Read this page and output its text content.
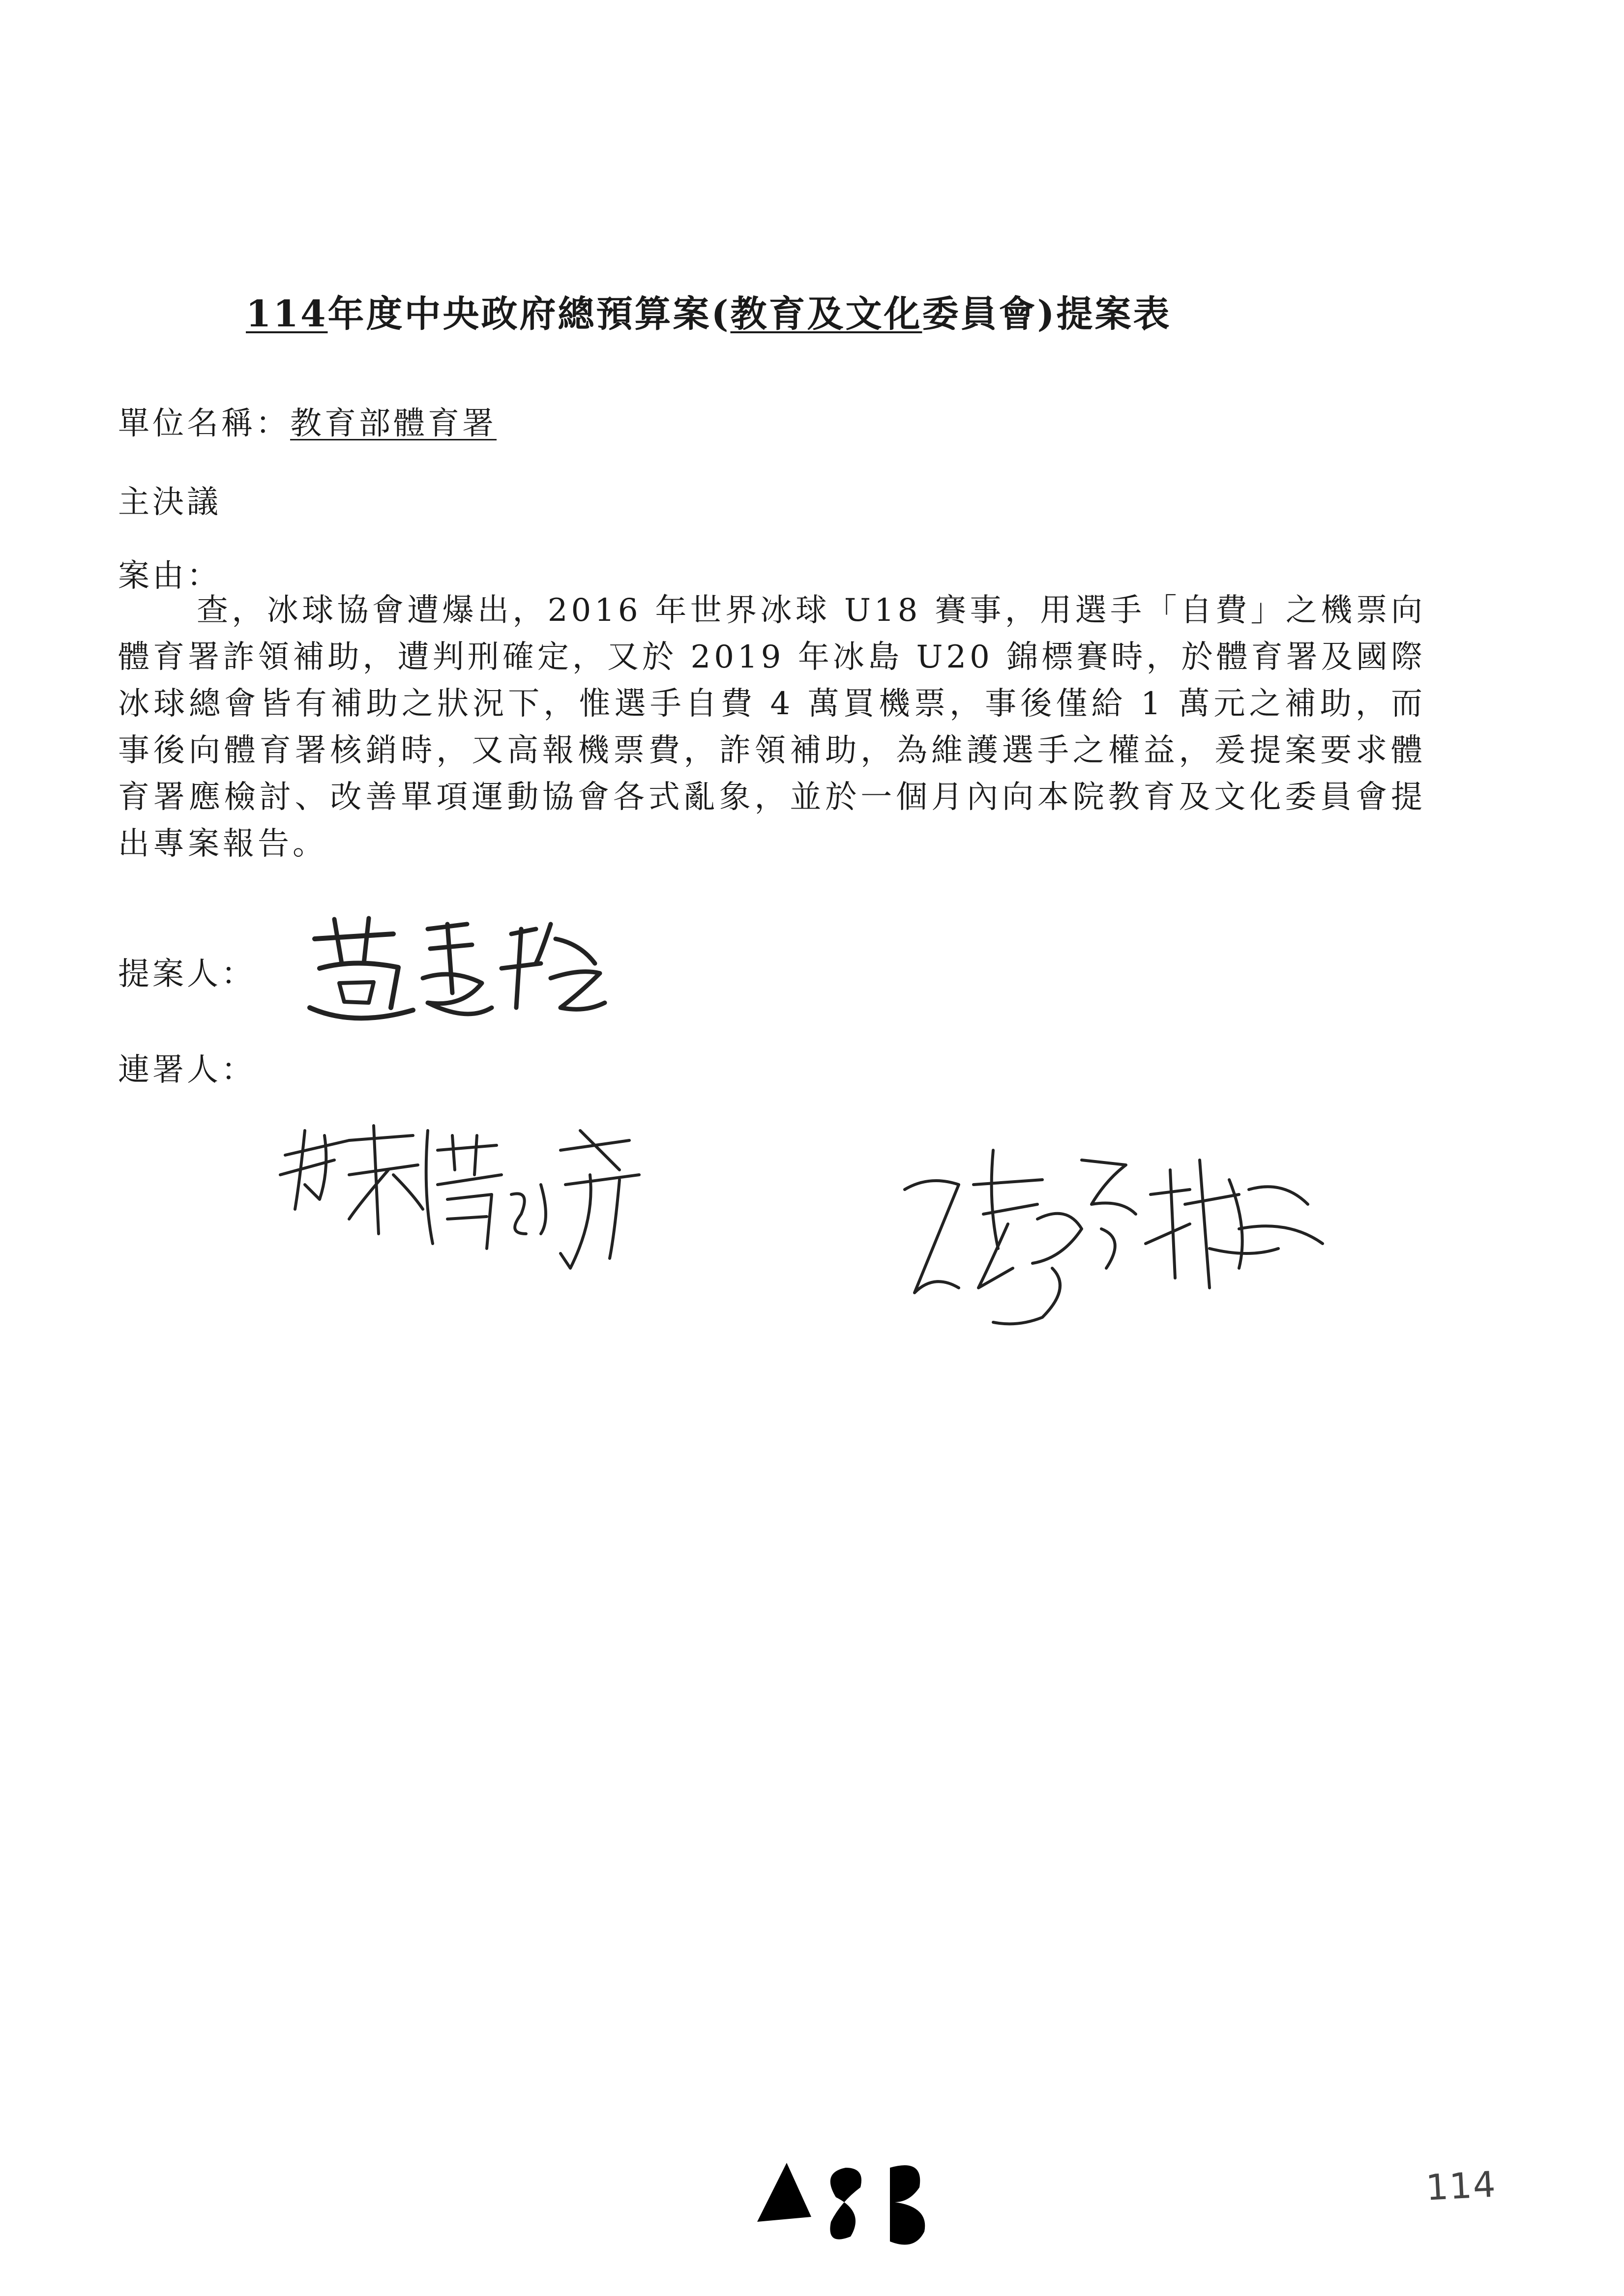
114年度中央政府總預算案(教育及文化委員會)提案表
單位名稱：教育部體育署
主決議
案由：
查，冰球協會遭爆出，2016 年世界冰球 U18 賽事，用選手「自費」之機票向體育署詐領補助，遭判刑確定，又於 2019 年冰島 U20 錦標賽時，於體育署及國際冰球總會皆有補助之狀況下，惟選手自費 4 萬買機票，事後僅給 1 萬元之補助，而事後向體育署核銷時，又高報機票費，詐領補助，為維護選手之權益，爰提案要求體育署應檢討、改善單項運動協會各式亂象，並於一個月內向本院教育及文化委員會提出專案報告。
提案人：
連署人：
114
